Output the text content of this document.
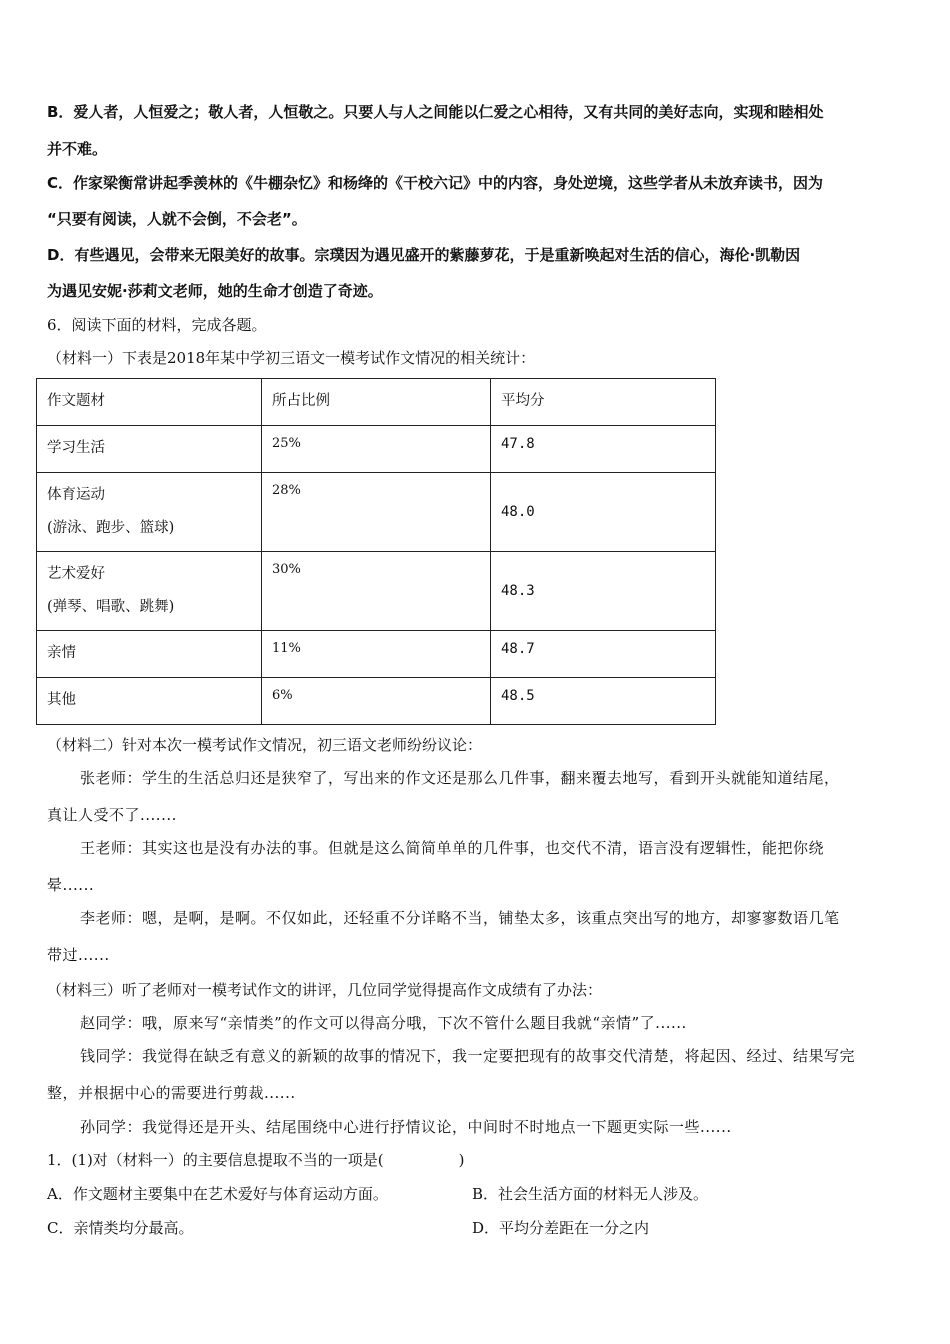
B．爱人者，人恒爱之；敬人者，人恒敬之。只要人与人之间能以仁爱之心相待，又有共同的美好志向，实现和睦相处
并不难。
C．作家梁衡常讲起季羡林的《牛棚杂忆》和杨绛的《干校六记》中的内容，身处逆境，这些学者从未放弃读书，因为
“只要有阅读，人就不会倒，不会老”。
D．有些遇见，会带来无限美好的故事。宗璞因为遇见盛开的紫藤萝花，于是重新唤起对生活的信心，海伦·凯勒因
为遇见安妮·莎莉文老师，她的生命才创造了奇迹。
6．阅读下面的材料，完成各题。
（材料一）下表是2018年某中学初三语文一模考试作文情况的相关统计：
作文题材	所占比例	平均分

学习生活	25%	47.8

体育运动
(游泳、跑步、篮球)	28%	48.0

艺术爱好
(弹琴、唱歌、跳舞)	30%	48.3

亲情	11%	48.7

其他	6%	48.5
（材料二）针对本次一模考试作文情况，初三语文老师纷纷议论：
张老师：学生的生活总归还是狭窄了，写出来的作文还是那么几件事，翻来覆去地写，看到开头就能知道结尾，
真让人受不了.......
王老师：其实这也是没有办法的事。但就是这么简简单单的几件事，也交代不清，语言没有逻辑性，能把你绕
晕......
李老师：嗯，是啊，是啊。不仅如此，还轻重不分详略不当，铺垫太多，该重点突出写的地方，却寥寥数语几笔
带过......
（材料三）听了老师对一模考试作文的讲评，几位同学觉得提高作文成绩有了办法：
赵同学：哦，原来写“亲情类”的作文可以得高分哦，下次不管什么题目我就“亲情”了......
钱同学：我觉得在缺乏有意义的新颖的故事的情况下，我一定要把现有的故事交代清楚，将起因、经过、结果写完
整，并根据中心的需要进行剪裁......
孙同学：我觉得还是开头、结尾围绕中心进行抒情议论，中间时不时地点一下题更实际一些......
1．(1)对（材料一）的主要信息提取不当的一项是(　　　　　)
A．作文题材主要集中在艺术爱好与体育运动方面。	B．社会生活方面的材料无人涉及。
C．亲情类均分最高。	D．平均分差距在一分之内
